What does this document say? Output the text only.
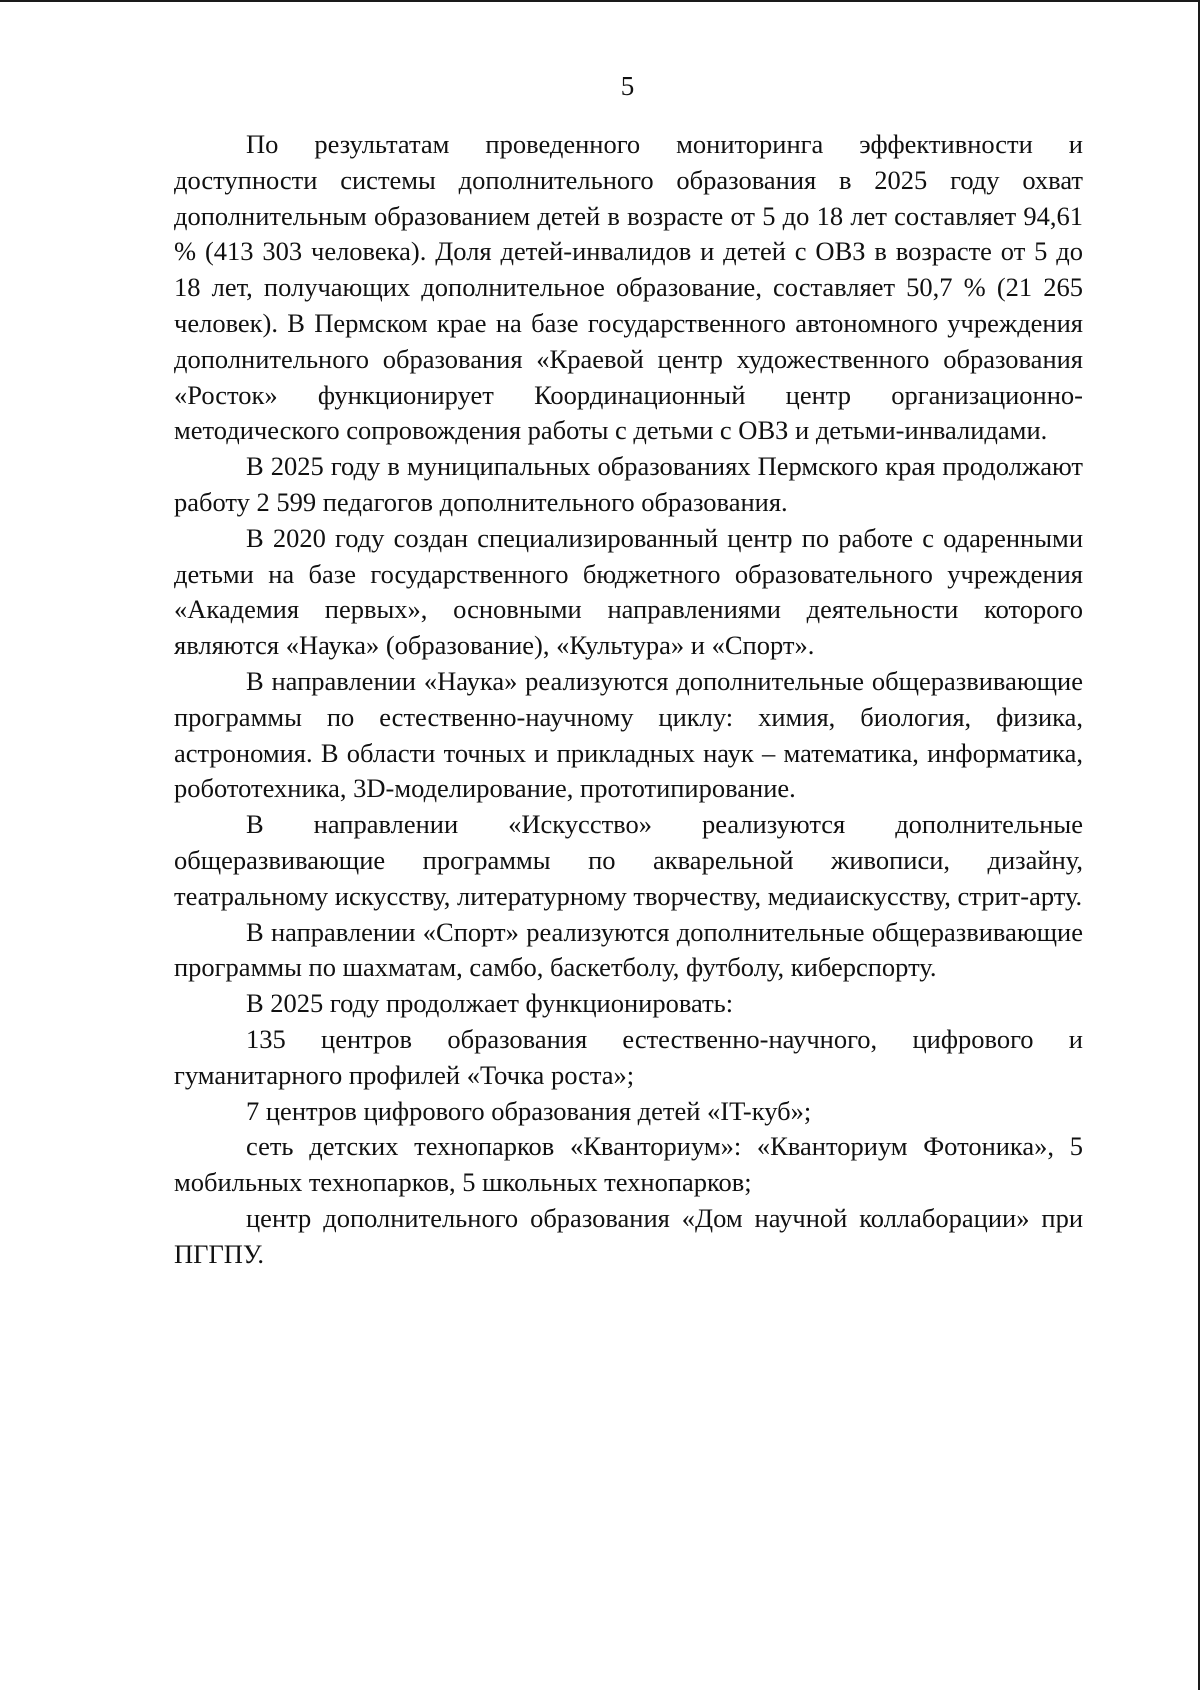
5

По результатам проведенного мониторинга эффективности и доступности системы дополнительного образования в 2025 году охват дополнительным образованием детей в возрасте от 5 до 18 лет составляет 94,61 % (413 303 человека). Доля детей-инвалидов и детей с ОВЗ в возрасте от 5 до 18 лет, получающих дополнительное образование, составляет 50,7 % (21 265 человек). В Пермском крае на базе государственного автономного учреждения дополнительного образования «Краевой центр художественного образования «Росток» функционирует Координационный центр организационно-методического сопровождения работы с детьми с ОВЗ и детьми-инвалидами.

В 2025 году в муниципальных образованиях Пермского края продолжают работу 2 599 педагогов дополнительного образования.

В 2020 году создан специализированный центр по работе с одаренными детьми на базе государственного бюджетного образовательного учреждения «Академия первых», основными направлениями деятельности которого являются «Наука» (образование), «Культура» и «Спорт».

В направлении «Наука» реализуются дополнительные общеразвивающие программы по естественно-научному циклу: химия, биология, физика, астрономия. В области точных и прикладных наук – математика, информатика, робототехника, 3D-моделирование, прототипирование.

В направлении «Искусство» реализуются дополнительные общеразвивающие программы по акварельной живописи, дизайну, театральному искусству, литературному творчеству, медиаискусству, стрит-арту.

В направлении «Спорт» реализуются дополнительные общеразвивающие программы по шахматам, самбо, баскетболу, футболу, киберспорту.

В 2025 году продолжает функционировать:

135 центров образования естественно-научного, цифрового и гуманитарного профилей «Точка роста»;

7 центров цифрового образования детей «IT-куб»;

сеть детских технопарков «Кванториум»: «Кванториум Фотоника», 5 мобильных технопарков, 5 школьных технопарков;

центр дополнительного образования «Дом научной коллаборации» при ПГГПУ.
